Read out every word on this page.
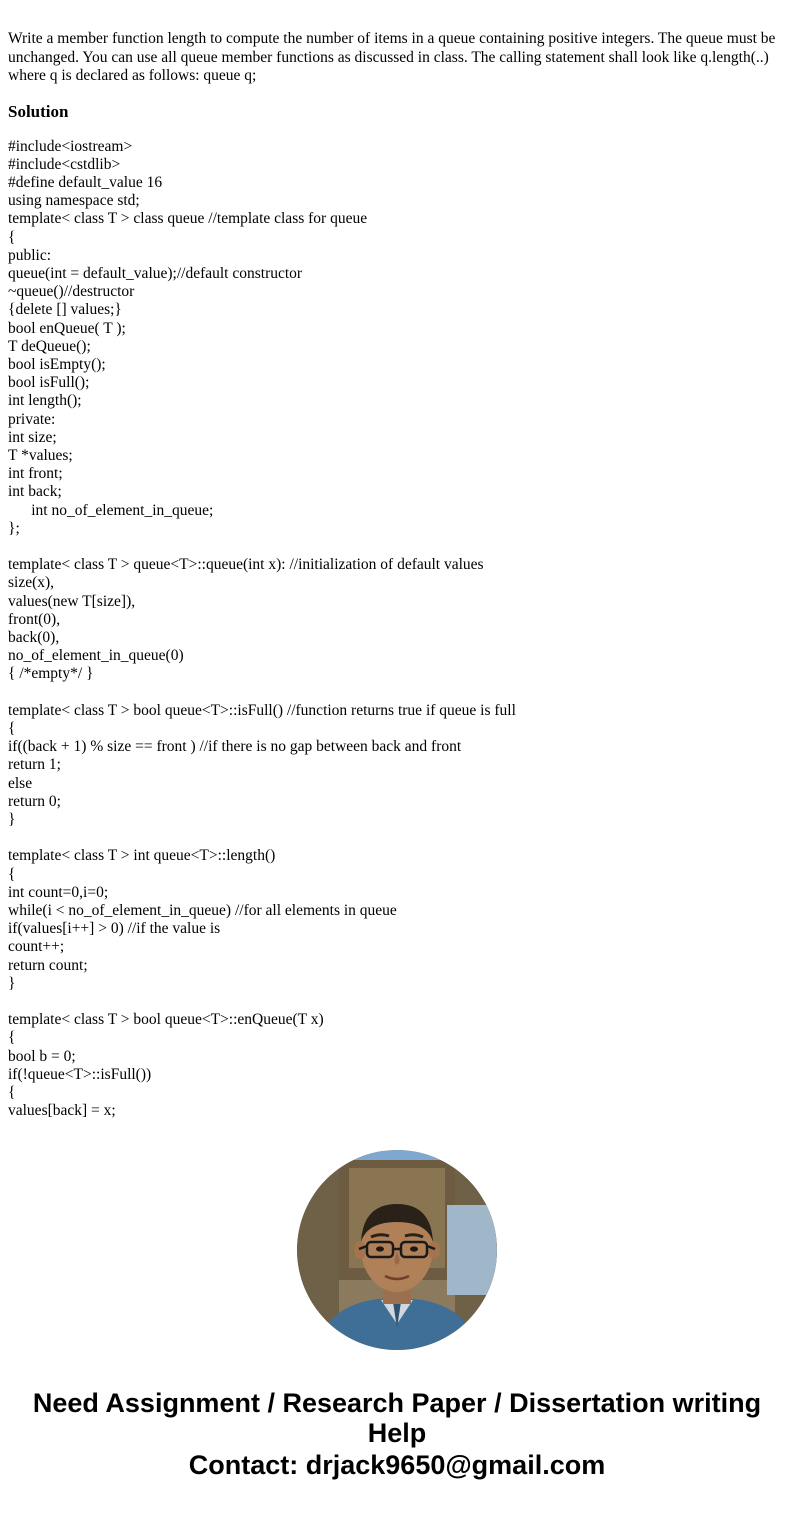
Write a member function length to compute the number of items in a queue containing positive integers. The queue must be unchanged. You can use all queue member functions as discussed in class. The calling statement shall look like q.length(..) where q is declared as follows: queue q;

Solution
#include<iostream>
#include<cstdlib>
#define default_value 16
using namespace std;
template< class T > class queue //template class for queue
{
public:
queue(int = default_value);//default constructor
~queue()//destructor
{delete [] values;}
bool enQueue( T );
T deQueue();
bool isEmpty();
bool isFull();
int length();
private:
int size;
T *values;
int front;
int back;
int no_of_element_in_queue;
};

template< class T > queue<T>::queue(int x): //initialization of default values
size(x),
values(new T[size]),
front(0),
back(0),
no_of_element_in_queue(0)
{ /*empty*/ }

template< class T > bool queue<T>::isFull() //function returns true if queue is full
{
if((back + 1) % size == front ) //if there is no gap between back and front
return 1;
else
return 0;
}

template< class T > int queue<T>::length()
{
int count=0,i=0;
while(i < no_of_element_in_queue) //for all elements in queue
if(values[i++] > 0) //if the value is
count++;
return count;
}

template< class T > bool queue<T>::enQueue(T x)
{
bool b = 0;
if(!queue<T>::isFull())
{
values[back] = x;
Need Assignment / Research Paper / Dissertation writing Help
Contact: drjack9650@gmail.com
